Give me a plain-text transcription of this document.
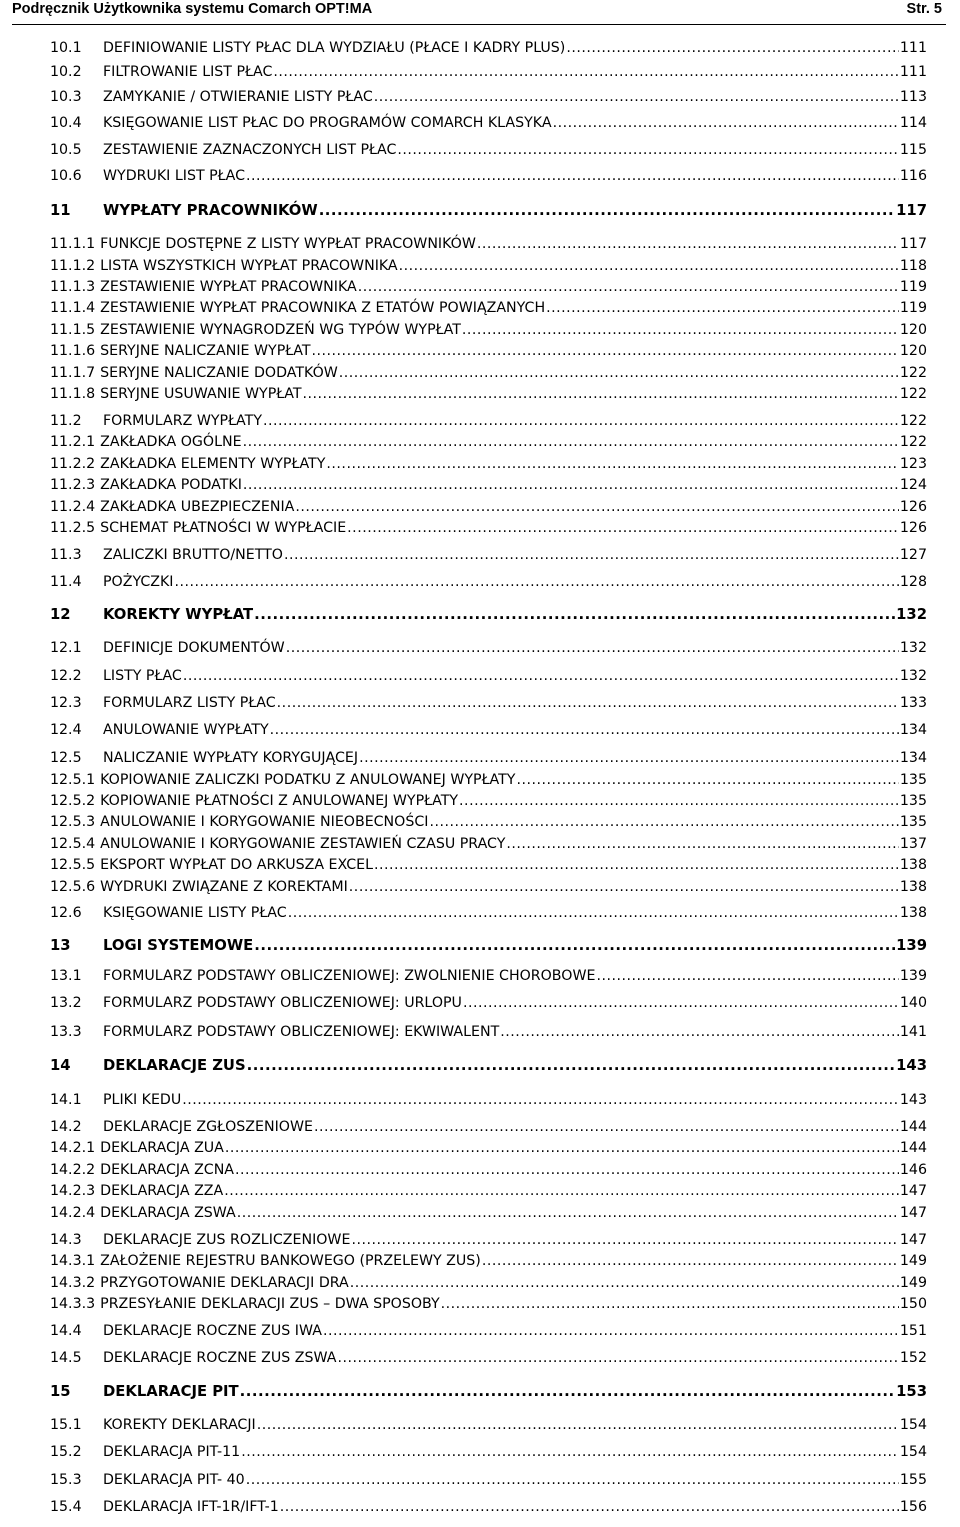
Podręcznik Użytkownika systemu Comarch OPT!MA	Str. 5
10.1	DEFINIOWANIE LISTY PŁAC DLA WYDZIAŁU (PŁACE I KADRY PLUS) .....	111
10.2	FILTROWANIE LIST PŁAC .....	111
10.3	ZAMYKANIE / OTWIERANIE LISTY PŁAC .....	113
10.4	KSIĘGOWANIE LIST PŁAC DO PROGRAMÓW COMARCH KLASYKA .....	114
10.5	ZESTAWIENIE ZAZNACZONYCH LIST PŁAC .....	115
10.6	WYDRUKI LIST PŁAC .....	116
11	WYPŁATY PRACOWNIKÓW .....	117
11.1.1 FUNKCJE DOSTĘPNE Z LISTY WYPŁAT PRACOWNIKÓW .....	117
11.1.2 LISTA WSZYSTKICH WYPŁAT PRACOWNIKA .....	118
11.1.3 ZESTAWIENIE WYPŁAT PRACOWNIKA .....	119
11.1.4 ZESTAWIENIE WYPŁAT PRACOWNIKA Z ETATÓW POWIĄZANYCH .....	119
11.1.5 ZESTAWIENIE WYNAGRODZEŃ WG TYPÓW WYPŁAT .....	120
11.1.6 SERYJNE NALICZANIE WYPŁAT .....	120
11.1.7 SERYJNE NALICZANIE DODATKÓW .....	122
11.1.8 SERYJNE USUWANIE WYPŁAT .....	122
11.2	FORMULARZ WYPŁATY .....	122
11.2.1 ZAKŁADKA OGÓLNE .....	122
11.2.2 ZAKŁADKA ELEMENTY WYPŁATY .....	123
11.2.3 ZAKŁADKA PODATKI .....	124
11.2.4 ZAKŁADKA UBEZPIECZENIA .....	126
11.2.5 SCHEMAT PŁATNOŚCI W WYPŁACIE .....	126
11.3	ZALICZKI BRUTTO/NETTO .....	127
11.4	POŻYCZKI .....	128
12	KOREKTY WYPŁAT .....	132
12.1	DEFINICJE DOKUMENTÓW .....	132
12.2	LISTY PŁAC .....	132
12.3	FORMULARZ LISTY PŁAC .....	133
12.4	ANULOWANIE WYPŁATY .....	134
12.5	NALICZANIE WYPŁATY KORYGUJĄCEJ .....	134
12.5.1 KOPIOWANIE ZALICZKI PODATKU Z ANULOWANEJ WYPŁATY .....	135
12.5.2 KOPIOWANIE PŁATNOŚCI Z ANULOWANEJ WYPŁATY .....	135
12.5.3 ANULOWANIE I KORYGOWANIE NIEOBECNOŚCI .....	135
12.5.4 ANULOWANIE I KORYGOWANIE ZESTAWIEŃ CZASU PRACY .....	137
12.5.5 EKSPORT WYPŁAT DO ARKUSZA EXCEL .....	138
12.5.6 WYDRUKI ZWIĄZANE Z KOREKTAMI .....	138
12.6	KSIĘGOWANIE LISTY PŁAC .....	138
13	LOGI SYSTEMOWE .....	139
13.1	FORMULARZ PODSTAWY OBLICZENIOWEJ: ZWOLNIENIE CHOROBOWE .....	139
13.2	FORMULARZ PODSTAWY OBLICZENIOWEJ: URLOPU .....	140
13.3	FORMULARZ PODSTAWY OBLICZENIOWEJ: EKWIWALENT .....	141
14	DEKLARACJE ZUS .....	143
14.1	PLIKI KEDU .....	143
14.2	DEKLARACJE ZGŁOSZENIOWE .....	144
14.2.1 DEKLARACJA ZUA .....	144
14.2.2 DEKLARACJA ZCNA .....	146
14.2.3 DEKLARACJA ZZA .....	147
14.2.4 DEKLARACJA ZSWA .....	147
14.3	DEKLARACJE ZUS ROZLICZENIOWE .....	147
14.3.1 ZAŁOŻENIE REJESTRU BANKOWEGO (PRZELEWY ZUS) .....	149
14.3.2 PRZYGOTOWANIE DEKLARACJI DRA .....	149
14.3.3 PRZESYŁANIE DEKLARACJI ZUS – DWA SPOSOBY .....	150
14.4	DEKLARACJE ROCZNE ZUS IWA .....	151
14.5	DEKLARACJE ROCZNE ZUS ZSWA .....	152
15	DEKLARACJE PIT .....	153
15.1	KOREKTY DEKLARACJI .....	154
15.2	DEKLARACJA PIT-11 .....	154
15.3	DEKLARACJA PIT- 40 .....	155
15.4	DEKLARACJA IFT-1R/IFT-1 .....	156
